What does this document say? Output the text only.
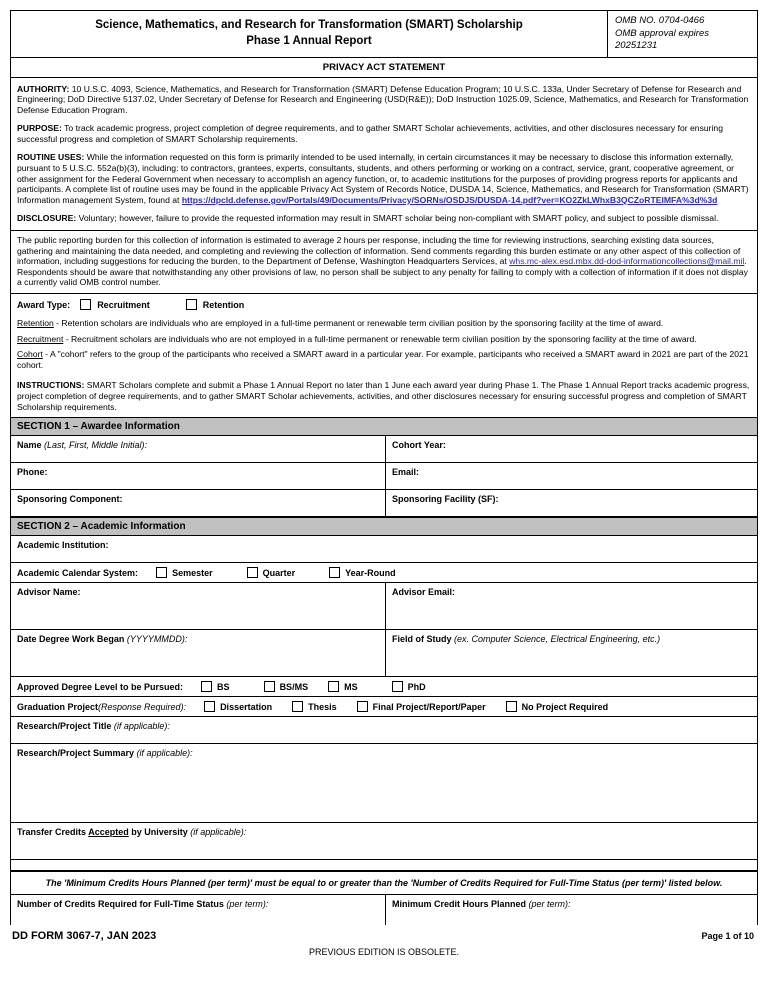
Science, Mathematics, and Research for Transformation (SMART) Scholarship
Phase 1 Annual Report
OMB NO. 0704-0466
OMB approval expires
20251231
PRIVACY ACT STATEMENT

AUTHORITY: 10 U.S.C. 4093, Science, Mathematics, and Research for Transformation (SMART) Defense Education Program; 10 U.S.C. 133a, Under Secretary of Defense for Research and Engineering; DoD Directive 5137.02, Under Secretary of Defense for Research and Engineering (USD(R&E)); DoD Instruction 1025.09, Science, Mathematics, and Research for Transformation Defense Education Program.

PURPOSE: To track academic progress, project completion of degree requirements, and to gather SMART Scholar achievements, activities, and other disclosures necessary for ensuring successful progress and completion of SMART Scholarship requirements.

ROUTINE USES: While the information requested on this form is primarily intended to be used internally, in certain circumstances it may be necessary to disclose this information externally, pursuant to 5 U.S.C. 552a(b)(3), including: to contractors, grantees, experts, consultants, students, and others performing or working on a contract, service, grant, cooperative agreement, or other assignment for the Federal Government when necessary to accomplish an agency function, or, to academic institutions for the purposes of providing progress reports for applicants and participants. A complete list of routine uses may be found in the applicable Privacy Act System of Records Notice, DUSDA 14, Science, Mathematics, and Research for Transformation (SMART) Information management System, found at https://dpcld.defense.gov/Portals/49/Documents/Privacy/SORNs/OSDJS/DUSDA-14.pdf?ver=KO2ZkLWhxB3QCZoRTEIMFA%3d%3d

DISCLOSURE: Voluntary; however, failure to provide the requested information may result in SMART scholar being non-compliant with SMART policy, and subject to possible dismissal.

The public reporting burden for this collection of information is estimated to average 2 hours per response, including the time for reviewing instructions, searching existing data sources, gathering and maintaining the data needed, and completing and reviewing the collection of information. Send comments regarding this burden estimate or any other aspect of this collection of information, including suggestions for reducing the burden, to the Department of Defense, Washington Headquarters Services, at whs.mc-alex.esd.mbx.dd-dod-informationcollections@mail.mil. Respondents should be aware that notwithstanding any other provisions of law, no person shall be subject to any penalty for failing to comply with a collection of information if it does not display a currently valid OMB control number.

Award Type:	Recruitment	Retention

Retention - Retention scholars are individuals who are employed in a full-time permanent or renewable term civilian position by the sponsoring facility at the time of award.

Recruitment - Recruitment scholars are individuals who are not employed in a full-time permanent or renewable term civilian position by the sponsoring facility at the time of award.

Cohort - A "cohort" refers to the group of the participants who received a SMART award in a particular year. For example, participants who received a SMART award in 2021 are part of the 2021 cohort.

INSTRUCTIONS: SMART Scholars complete and submit a Phase 1 Annual Report no later than 1 June each award year during Phase 1. The Phase 1 Annual Report tracks academic progress, project completion of degree requirements, and to gather SMART Scholar achievements, activities, and other disclosures necessary for ensuring successful progress and completion of SMART Scholarship requirements.

SECTION 1 – Awardee Information
Name (Last, First, Middle Initial):	Cohort Year:
Phone:	Email:
Sponsoring Component:	Sponsoring Facility (SF):
SECTION 2 – Academic Information
Academic Institution:
Academic Calendar System:	Semester	Quarter	Year-Round
Advisor Name:	Advisor Email:
Date Degree Work Began (YYYYMMDD):	Field of Study (ex. Computer Science, Electrical Engineering, etc.)
Approved Degree Level to be Pursued:	BS	BS/MS	MS	PhD
Graduation Project (Response Required):	Dissertation	Thesis	Final Project/Report/Paper	No Project Required
Research/Project Title (if applicable):
Research/Project Summary (if applicable):
Transfer Credits Accepted by University (if applicable):
The 'Minimum Credits Hours Planned (per term)' must be equal to or greater than the 'Number of Credits Required for Full-Time Status (per term)' listed below.
Number of Credits Required for Full-Time Status (per term):	Minimum Credit Hours Planned (per term):
DD FORM 3067-7, JAN 2023
PREVIOUS EDITION IS OBSOLETE.
Page 1 of 10
